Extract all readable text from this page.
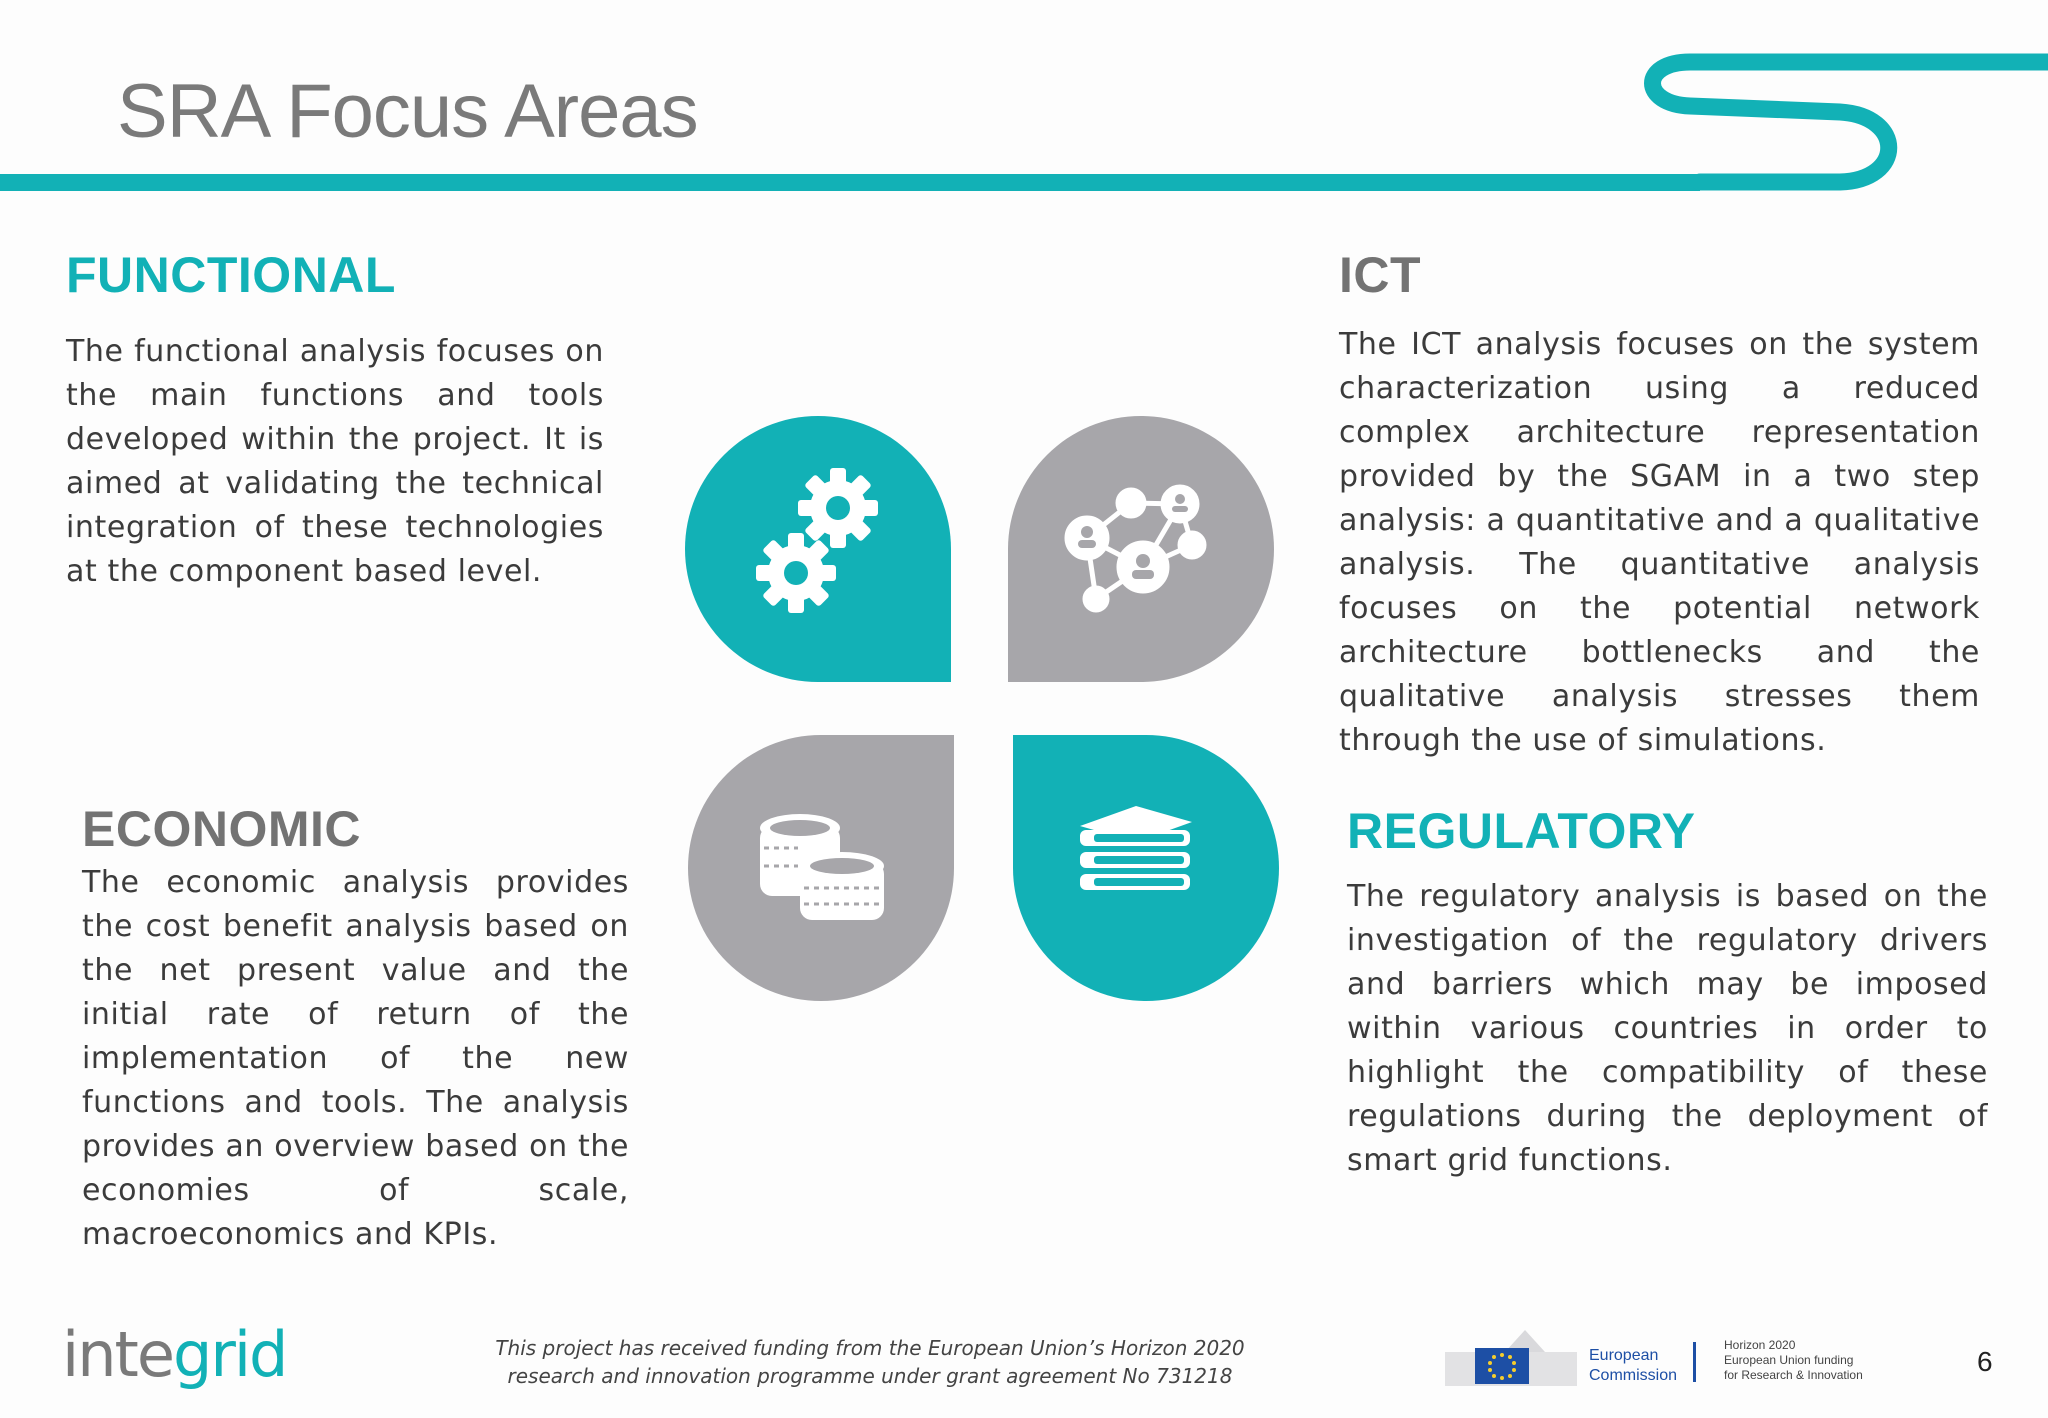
SRA Focus Areas
FUNCTIONAL
The functional analysis focuses on the main functions and tools developed within the project. It is aimed at validating the technical integration of these technologies at the component based level.
ICT
The ICT analysis focuses on the system characterization using a reduced complex architecture representation provided by the SGAM in a two step analysis: a quantitative and a qualitative analysis. The quantitative analysis focuses on the potential network architecture bottlenecks and the qualitative analysis stresses them through the use of simulations.
ECONOMIC
The economic analysis provides the cost benefit analysis based on the net present value and the initial rate of return of the implementation of the new functions and tools. The analysis provides an overview based on the economies of scale, macroeconomics and KPIs.
REGULATORY
The regulatory analysis is based on the investigation of the regulatory drivers and barriers which may be imposed within various countries in order to highlight the compatibility of these regulations during the deployment of smart grid functions.
integrid	This project has received funding from the European Union’s Horizon 2020
research and innovation programme under grant agreement No 731218
European
Commission
Horizon 2020
European Union funding
for Research & Innovation	6
